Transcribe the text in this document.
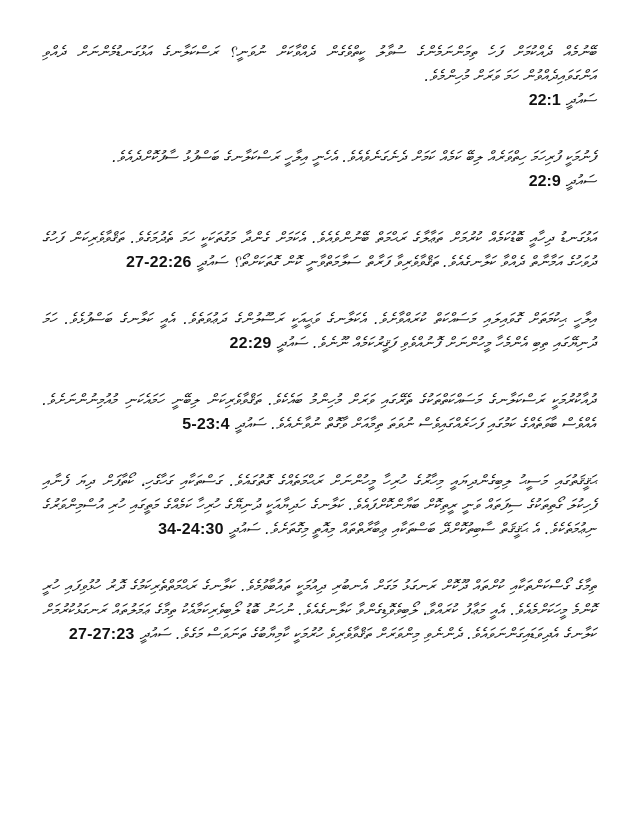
ބޭނުމެއް ދެއްކުމަށް ފަހެ ތިމަންނަމެންގެ ސުވާލު ކީތްވެގެން ދެއްވާކަށް ނުވަނީ؟ ރަސްކަލާނގެ އަޅުގަނޑުމެންނަށް ދެއްވި އަންގަވައިދެއްވުން ހަމަ ވަރަށް މުހިންމެވެ.
ސައުދީ 22:1

ފެނުމަކީ ފުރިހަމަ ހިތްވަރެއް ލިބޭ ކަމެއް ކަމަށް ދެނެގަނެވެއެވެ. އެހެނީ އިލާހީ ރަސްކަލާނގެ ބަސްފުޅު ސާފުކޮށްދެއެވެ.
ސައުދީ 22:9

އަޅުގަނޑު ދިހާއީ ބޮޑުކަމެއް ކުރުމަށް ތަޢާލާގެ ރަޙްމަތް ބޭނުންވެއެވެ. އެކަމަށް ގެންދާ މަގުތަކަކީ ހަމަ ތެދުމަގެވެ. ތަޤްވާވެރިކަން ފަހުގެ ދުވަހުގެ އަމާނާތް ދެއްވާ ކަލާނގެއެވެ. ތަޤްވާވެރިވާ ފަރާތް ސަލާމަތްވާނީ ކޮން ގޮތަކަށްތޯ؟ ސައުދީ 27-22:26

އިލާހީ ޙިކުމަތަށް ގޮވައިލައި މަސައްކަތް ކުރައްވާށެވެ. އެކަލާނގެ ވަޙީއަކީ ރަސޫލުންގެ ދަޢުވަތެވެ. އެއީ ކަލާނގެ ބަސްފުޅެވެ. ހަމަ ދުނިޔޭގައި ތިބި އެންމެހާ މީހުންނަށް ފޮނުއްވެވި ފަޤީރުކަމެއް ނޫނެވެ. ސައުދީ 22:29

ދުއާކުރުމަކީ ރަސްކަލާނގެ މަސައްކަތްތަކުގެ ތެރޭގައި ވަރަށް މުހިންމު ބައެކެވެ. ތަޤްވާވެރިކަން ލިބޭނީ ހަމައެކަނި މުއުމިނުންނަށެވެ. އެއްވެސް ބާވަތެއްގެ ކަމުގައި ފަހަރެއްގައިވެސް ނުވަތަ ތިމާއަށް ވާގޮތް ނުވާނެއެވެ. ސައުދީ 5-23:4

ޙަޤީޤަތުގައި މަސީޙު ލިބިގެންދިޔައީ މިހާރުގެ ހުރިހާ މީހުންނަށް ރަޙްމަތެއްގެ ގޮތުގައެވެ. ގަސްތަކާއި ގަހާގެހި، ކޯތާފަށް ދިޔަ ފެނާއި ފެހިކުލަ ގޯތިތަކުގެ ސިފަތައް ވަނީ ރީތިކޮށް ބަޔާންކޮށްފައެވެ. ކަލާނގެ ހަދިޔާއަކީ ދުނިޔޭގެ ހުރިހާ ކަމެއްގެ މަތީގައި ހުރި އުސްމިންވަރުގެ ނިޢުމަތެކެވެ. އެ ޙަޤީޤަތް ސާބިތުކޮށްދޭ ބަސްތަކާއި ޢިބާރާތްތައް މިއޮތީ މިގޮތަށެވެ. ސައުދީ 34-24:30

ތިމާގެ ގޯސްކަންތަކާއި ކުށްތައް ދޫކޮށް ރަނގަޅު މަގަށް އެނބުރި ދިއުމަކީ ތައުބާވުމެވެ. ކަލާނގެ ރަޙްމަތްތެރިކަމުގެ ދޮރު ހުޅުވިފައި ހުރީ ކޮންމެ މީހަކަށްމެއެވެ. އެއީ މަޢާފު ކުރައްވާ، ލޯބިވެވޮޑިގެންވާ ކަލާނގެއެވެ. ނުހަނު ބޮޑު ލޯބިވެރިކަމާއެކު ތިމާގެ ޢަމަލުތައް ރަނގަޅުކުރުމަށް ކަލާނގެ އެދިވަޑައިގަންނަވައެވެ. ދެންނެވި މިންވަރަށް ތަޤްވާވެރިވެ ހުރުމަކީ ކާމިޔާބުގެ ތަނަވަސް މަގެވެ. ސައުދީ 27-27:23
